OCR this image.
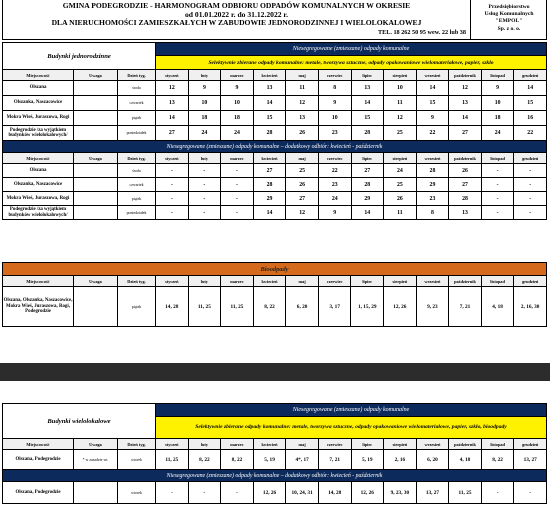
GMINA PODEGRODZIE - HARMONOGRAM ODBIORU ODPADÓW KOMUNALNYCH W OKRESIE
od 01.01.2022 r. do 31.12.2022 r.
DLA NIERUCHOMOŚCI ZAMIESZKAŁYCH W ZABUDOWIE JEDNORODZINNEJ I WIELOLOKALOWEJ
TEL. 18 262 50 95 wew. 22 lub 38
Przedsiębiorstwo
Usług Komunalnych
"EMPOL"
Sp. z o. o.
Budynki jednorodzinne			Niesegregowane (zmieszane) odpady komunalne											
			Selektywnie zbierane odpady komunalne: metale, tworzywa sztuczne, odpady opakowaniowe wielomateriałowe, papier, szkło											
Miejscowość	Uwaga	Dzień tyg.	styczeń	luty	marzec	kwiecień	maj	czerwiec	lipiec	sierpień	wrzesień	październik	listopad	grudzień
Olszana		środa	12	9	9	13	11	8	13	10	14	12	9	14
Olszanka, Naszacowice		czwartek	13	10	10	14	12	9	14	11	15	13	10	15
Mokra Wieś, Juraszowa, Rogi		piątek	14	18	18	15	13	10	15	12	9	14	18	16
Podegrodzie /za wyjątkiem budynków wielolokalowych/		poniedziałek	27	24	24	28	26	23	28	25	22	27	24	22
Niesegregowane (zmieszane) odpady komunalne – dodatkowy odbiór: kwiecień - październik														
Miejscowość	Uwaga	Dzień tyg.	styczeń	luty	marzec	kwiecień	maj	czerwiec	lipiec	sierpień	wrzesień	październik	listopad	grudzień
Olszana		środa	-	-	-	27	25	22	27	24	28	26	-	-
Olszanka, Naszacowice		czwartek	-	-	-	28	26	23	28	25	29	27	-	-
Mokra Wieś, Juraszowa, Rogi		piątek	-	-	-	29	27	24	29	26	23	28	-	-
Podegrodzie /za wyjątkiem budynków wielolokalowych/		poniedziałek	-	-	-	14	12	9	14	11	8	13	-	-
Bioodpady														
Miejscowość	Uwaga	Dzień tyg.	styczeń	luty	marzec	kwiecień	maj	czerwiec	lipiec	sierpień	wrzesień	październik	listopad	grudzień
Olszana, Olszanka, Naszacowice, Mokra Wieś, Juraszowa, Rogi, Podegrodzie		piątek	14, 28	11, 25	11, 25	8, 22	6, 20	3, 17	1, 15, 29	12, 26	9, 23	7, 21	4, 18	2, 16, 30
Budynki wielolokalowe			Niesegregowane (zmieszane) odpady komunalne											
			Selektywnie zbierane odpady komunalne: metale, tworzywa sztuczne, odpady opakowaniowe wielomateriałowe, papier, szkło, bioodpady											
Miejscowość	Uwaga	Dzień tyg.	styczeń	luty	marzec	kwiecień	maj	czerwiec	lipiec	sierpień	wrzesień	październik	listopad	grudzień
Olszana, Podegrodzie	* w zasadzie wt.	wtorek	11, 25	8, 22	8, 22	5, 19	4*, 17	7, 21	5, 19	2, 16	6, 20	4, 18	8, 22	13, 27
Niesegregowane (zmieszane) odpady komunalne – dodatkowy odbiór: kwiecień - październik														
Olszana, Podegrodzie		wtorek	-	-	-	12, 26	10, 24, 31	14, 28	12, 26	9, 23, 30	13, 27	11, 25	-	-
